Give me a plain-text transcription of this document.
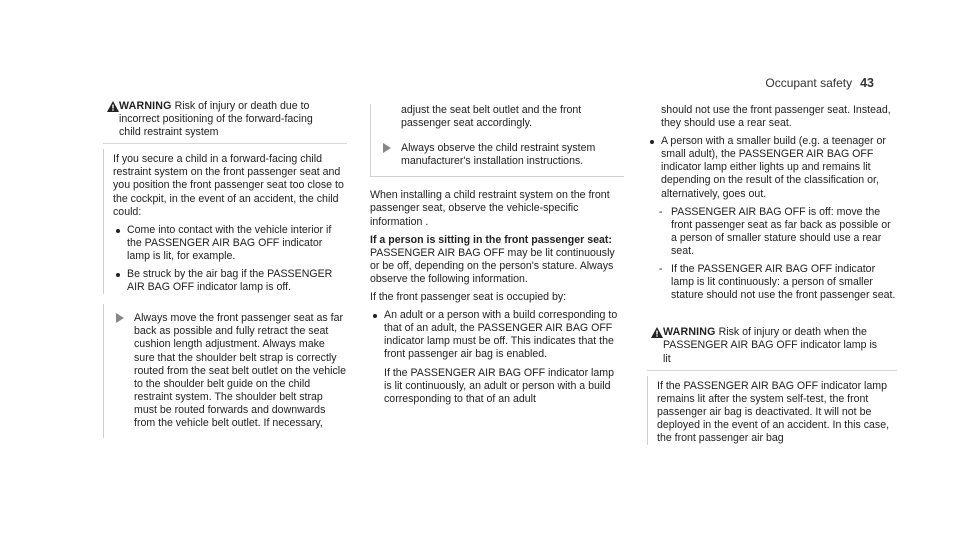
Occupant safety 43
WARNING Risk of injury or death due to incorrect positioning of the forward-facing child restraint system

If you secure a child in a forward-facing child restraint system on the front passenger seat and you position the front passenger seat too close to the cockpit, in the event of an accident, the child could:

Come into contact with the vehicle interior if the PASSENGER AIR BAG OFF indicator lamp is lit, for example.
Be struck by the air bag if the PASSENGER AIR BAG OFF indicator lamp is off.
Always move the front passenger seat as far back as possible and fully retract the seat cushion length adjustment. Always make sure that the shoulder belt strap is correctly routed from the seat belt outlet on the vehicle to the shoulder belt guide on the child restraint system. The shoulder belt strap must be routed forwards and downwards from the vehicle belt outlet. If necessary,
adjust the seat belt outlet and the front passenger seat accordingly.
Always observe the child restraint system manufacturer's installation instructions.

When installing a child restraint system on the front passenger seat, observe the vehicle-specific information .

If a person is sitting in the front passenger seat: PASSENGER AIR BAG OFF may be lit continuously or be off, depending on the person's stature. Always observe the following information.

If the front passenger seat is occupied by:

An adult or a person with a build corresponding to that of an adult, the PASSENGER AIR BAG OFF indicator lamp must be off. This indicates that the front passenger air bag is enabled.
If the PASSENGER AIR BAG OFF indicator lamp is lit continuously, an adult or person with a build corresponding to that of an adult
should not use the front passenger seat. Instead, they should use a rear seat.
A person with a smaller build (e.g. a teenager or small adult), the PASSENGER AIR BAG OFF indicator lamp either lights up and remains lit depending on the result of the classification or, alternatively, goes out.
- PASSENGER AIR BAG OFF is off: move the front passenger seat as far back as possible or a person of smaller stature should use a rear seat.
- If the PASSENGER AIR BAG OFF indicator lamp is lit continuously: a person of smaller stature should not use the front passenger seat.
WARNING Risk of injury or death when the PASSENGER AIR BAG OFF indicator lamp is lit

If the PASSENGER AIR BAG OFF indicator lamp remains lit after the system self-test, the front passenger air bag is deactivated. It will not be deployed in the event of an accident. In this case, the front passenger air bag
